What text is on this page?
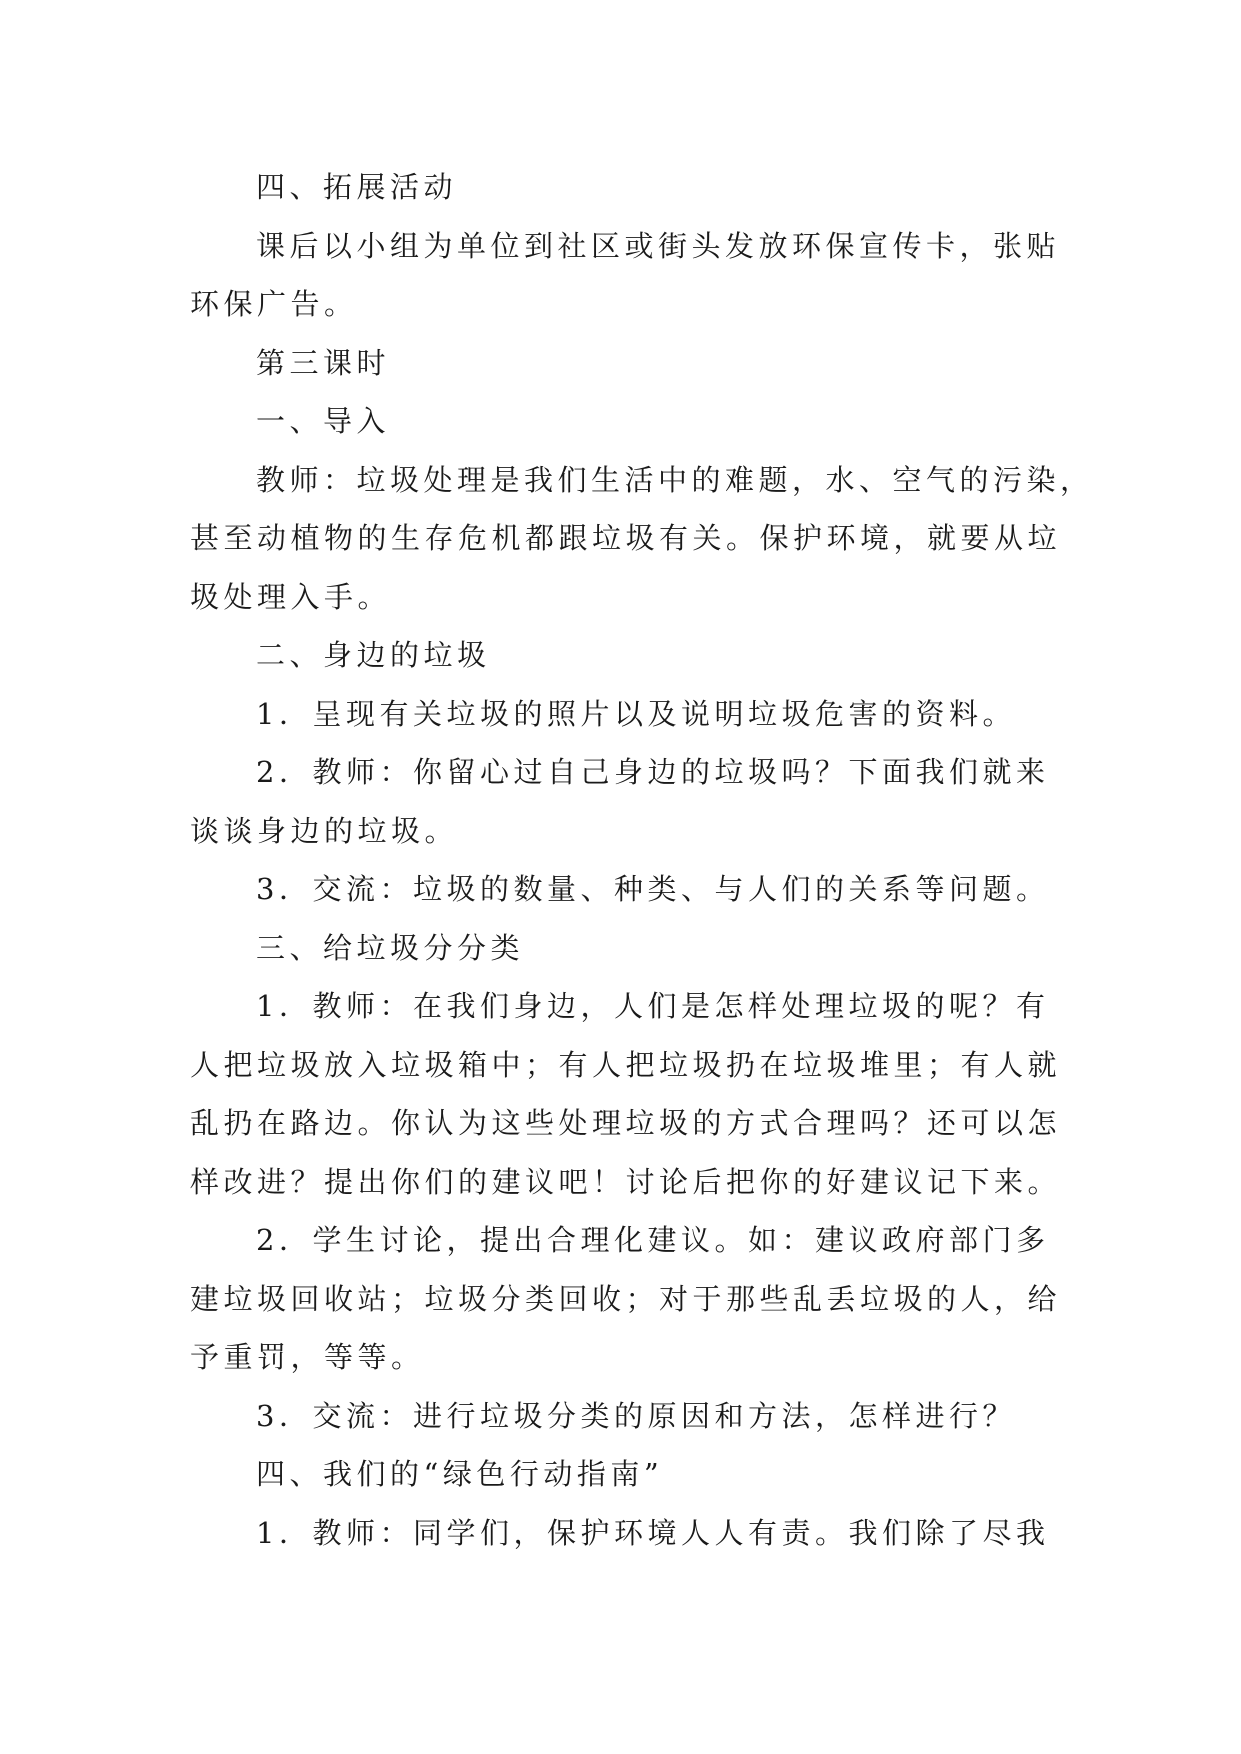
四、拓展活动
课后以小组为单位到社区或街头发放环保宣传卡，张贴
环保广告。
第三课时
一、导入
教师：垃圾处理是我们生活中的难题，水、空气的污染，
甚至动植物的生存危机都跟垃圾有关。保护环境，就要从垃
圾处理入手。
二、身边的垃圾
1．呈现有关垃圾的照片以及说明垃圾危害的资料。
2．教师：你留心过自己身边的垃圾吗？下面我们就来
谈谈身边的垃圾。
3．交流：垃圾的数量、种类、与人们的关系等问题。
三、给垃圾分分类
1．教师：在我们身边，人们是怎样处理垃圾的呢？有
人把垃圾放入垃圾箱中；有人把垃圾扔在垃圾堆里；有人就
乱扔在路边。你认为这些处理垃圾的方式合理吗？还可以怎
样改进？提出你们的建议吧！讨论后把你的好建议记下来。
2．学生讨论，提出合理化建议。如：建议政府部门多
建垃圾回收站；垃圾分类回收；对于那些乱丢垃圾的人，给
予重罚，等等。
3．交流：进行垃圾分类的原因和方法，怎样进行？
四、我们的“绿色行动指南”
1．教师：同学们，保护环境人人有责。我们除了尽我
